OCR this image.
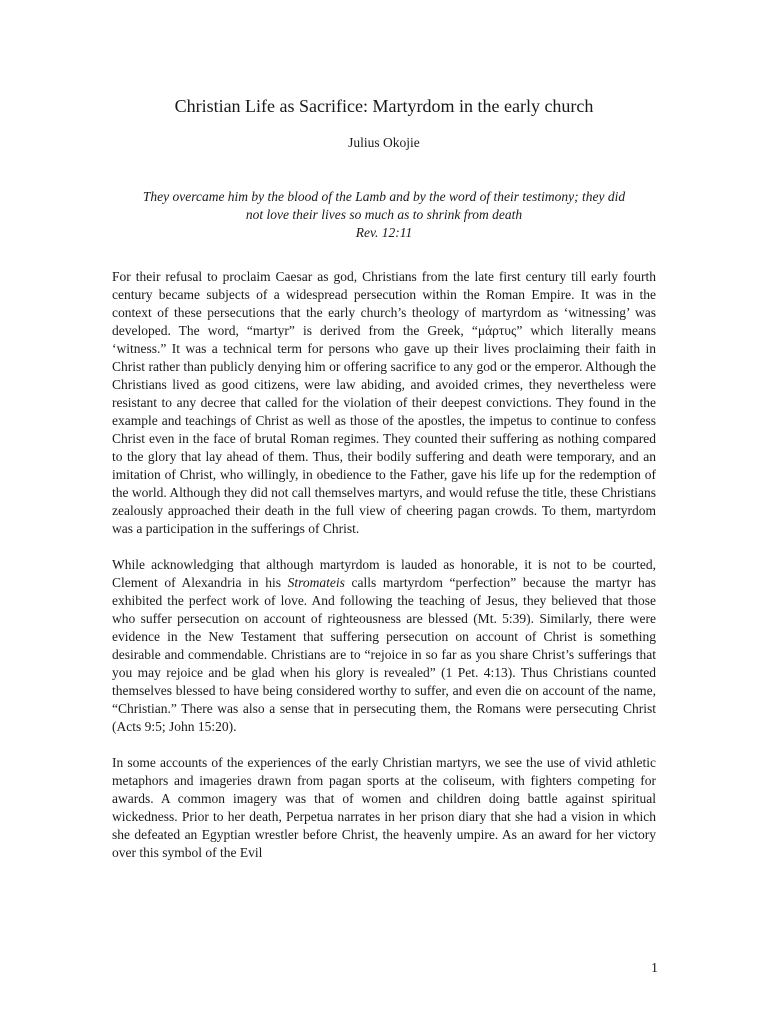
Christian Life as Sacrifice: Martyrdom in the early church
Julius Okojie

They overcame him by the blood of the Lamb and by the word of their testimony; they did

not love their lives so much as to shrink from death

Rev. 12:11

For their refusal to proclaim Caesar as god, Christians from the late first century till early fourth century became subjects of a widespread persecution within the Roman Empire. It was in the context of these persecutions that the early church’s theology of martyrdom as ‘witnessing’ was developed. The word, “martyr” is derived from the Greek, “μάρτυς” which literally means ‘witness.” It was a technical term for persons who gave up their lives proclaiming their faith in Christ rather than publicly denying him or offering sacrifice to any god or the emperor. Although the Christians lived as good citizens, were law abiding, and avoided crimes, they nevertheless were resistant to any decree that called for the violation of their deepest convictions. They found in the example and teachings of Christ as well as those of the apostles, the impetus to continue to confess Christ even in the face of brutal Roman regimes. They counted their suffering as nothing compared to the glory that lay ahead of them. Thus, their bodily suffering and death were temporary, and an imitation of Christ, who willingly, in obedience to the Father, gave his life up for the redemption of the world. Although they did not call themselves martyrs, and would refuse the title, these Christians zealously approached their death in the full view of cheering pagan crowds. To them, martyrdom was a participation in the sufferings of Christ.

While acknowledging that although martyrdom is lauded as honorable, it is not to be courted, Clement of Alexandria in his Stromateis calls martyrdom “perfection” because the martyr has exhibited the perfect work of love. And following the teaching of Jesus, they believed that those who suffer persecution on account of righteousness are blessed (Mt. 5:39). Similarly, there were evidence in the New Testament that suffering persecution on account of Christ is something desirable and commendable. Christians are to “rejoice in so far as you share Christ’s sufferings that you may rejoice and be glad when his glory is revealed” (1 Pet. 4:13). Thus Christians counted themselves blessed to have being considered worthy to suffer, and even die on account of the name, “Christian.” There was also a sense that in persecuting them, the Romans were persecuting Christ (Acts 9:5; John 15:20).

In some accounts of the experiences of the early Christian martyrs, we see the use of vivid athletic metaphors and imageries drawn from pagan sports at the coliseum, with fighters competing for awards. A common imagery was that of women and children doing battle against spiritual wickedness. Prior to her death, Perpetua narrates in her prison diary that she had a vision in which she defeated an Egyptian wrestler before Christ, the heavenly umpire. As an award for her victory over this symbol of the Evil

1
